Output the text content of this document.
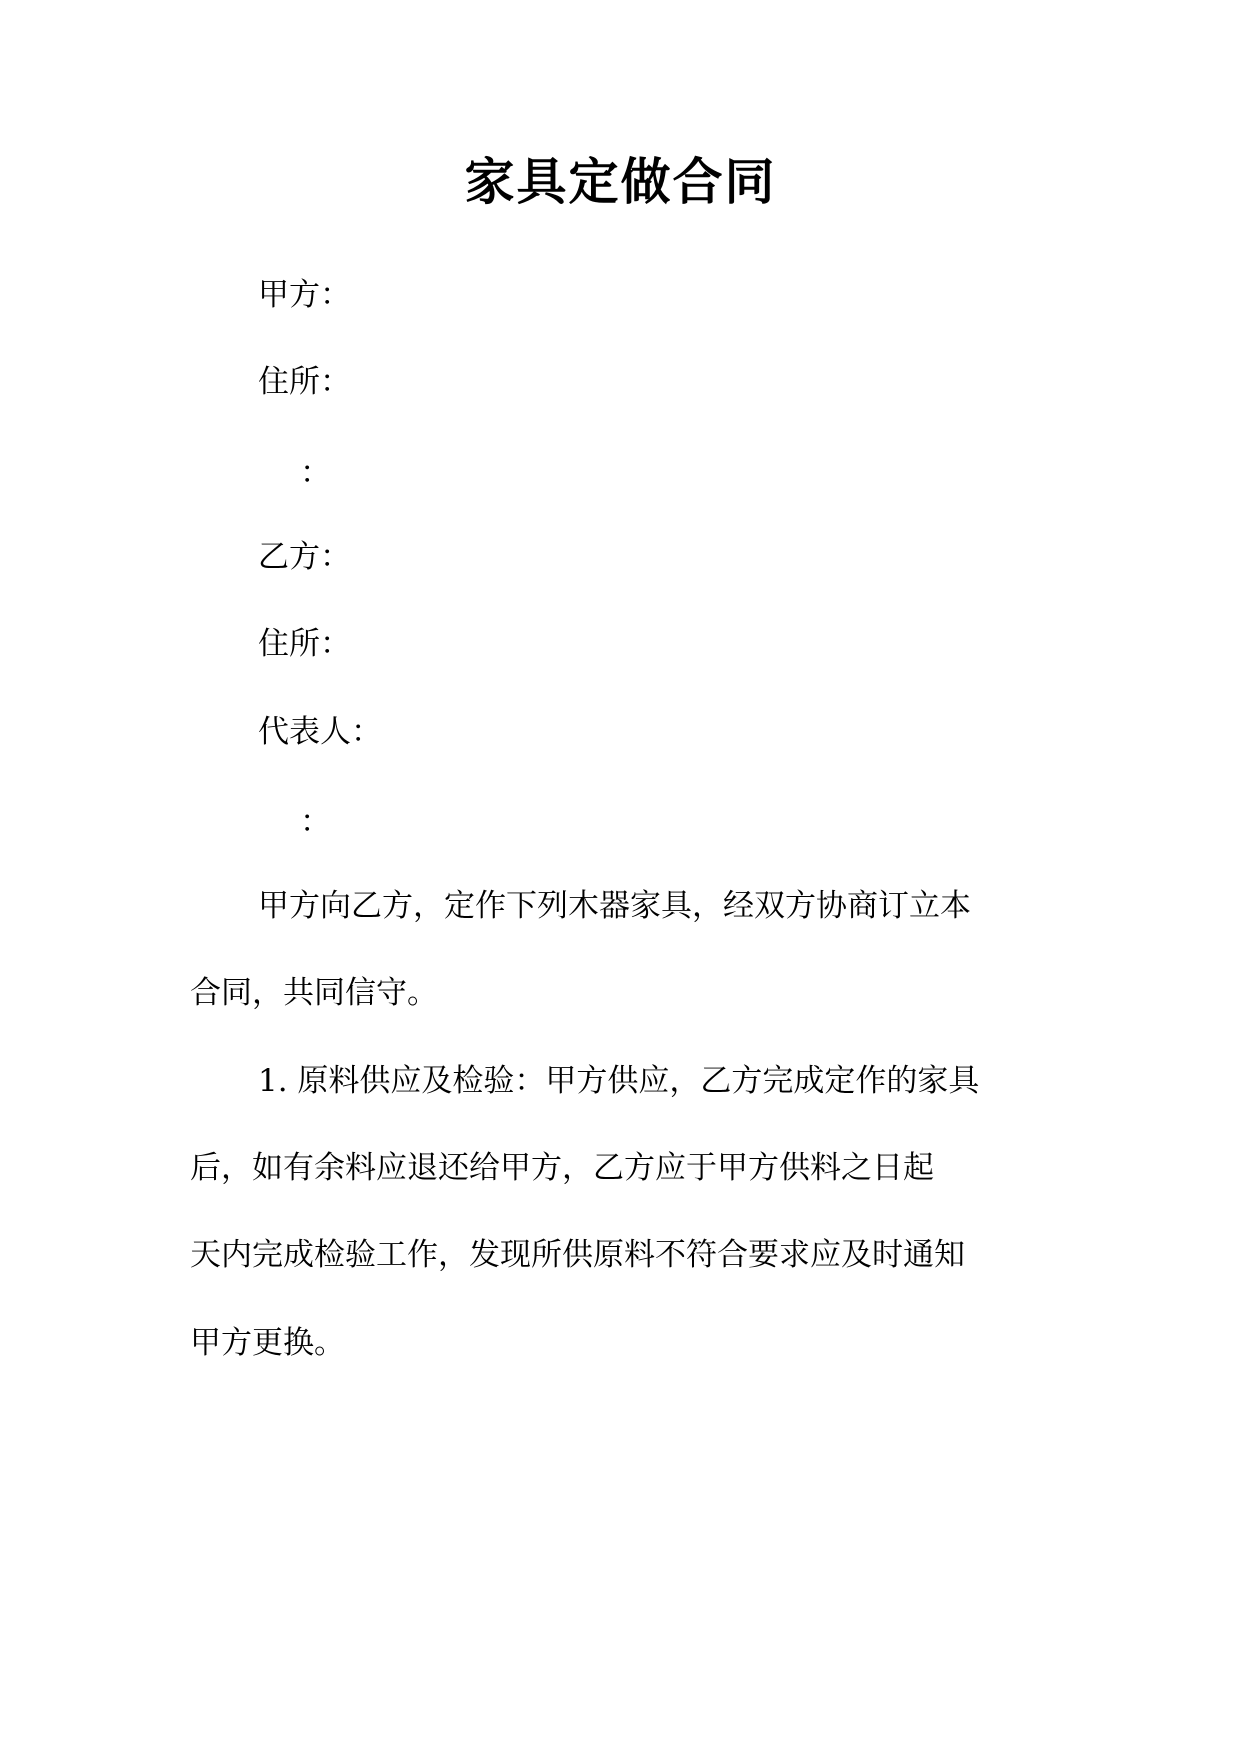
家具定做合同
甲方：
住所：
：
乙方：
住所：
代表人：
：
甲方向乙方，定作下列木器家具，经双方协商订立本
合同，共同信守。
1. 原料供应及检验：甲方供应，乙方完成定作的家具
后，如有余料应退还给甲方，乙方应于甲方供料之日起
天内完成检验工作，发现所供原料不符合要求应及时通知
甲方更换。
